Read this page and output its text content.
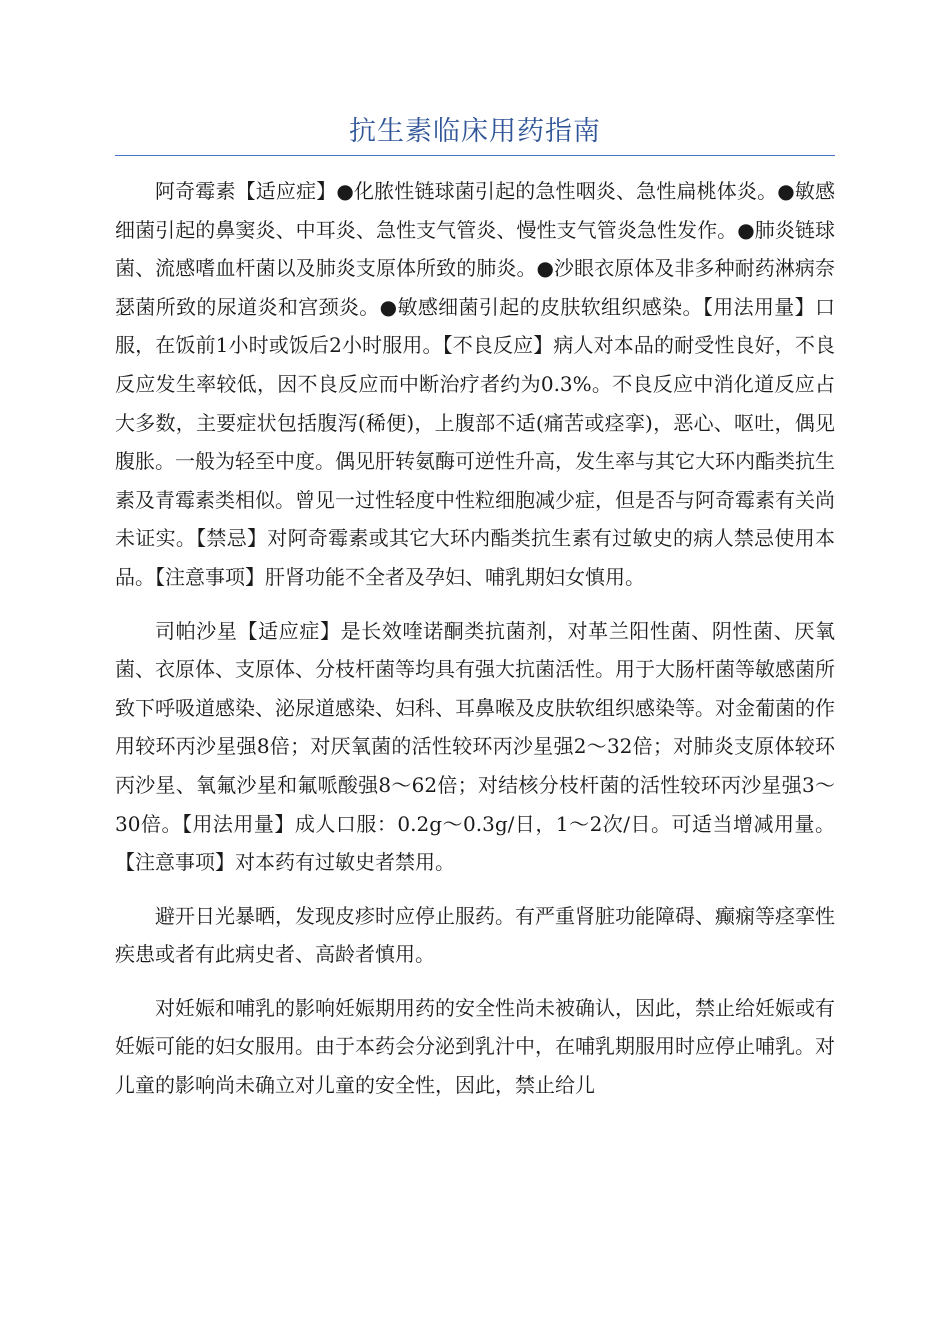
抗生素临床用药指南

阿奇霉素【适应症】●化脓性链球菌引起的急性咽炎、急性扁桃体炎。●敏感细菌引起的鼻窦炎、中耳炎、急性支气管炎、慢性支气管炎急性发作。●肺炎链球菌、流感嗜血杆菌以及肺炎支原体所致的肺炎。●沙眼衣原体及非多种耐药淋病奈瑟菌所致的尿道炎和宫颈炎。●敏感细菌引起的皮肤软组织感染。【用法用量】口服，在饭前1小时或饭后2小时服用。【不良反应】病人对本品的耐受性良好，不良反应发生率较低，因不良反应而中断治疗者约为0.3%。不良反应中消化道反应占大多数，主要症状包括腹泻(稀便)，上腹部不适(痛苦或痉挛)，恶心、呕吐，偶见腹胀。一般为轻至中度。偶见肝转氨酶可逆性升高，发生率与其它大环内酯类抗生素及青霉素类相似。曾见一过性轻度中性粒细胞减少症，但是否与阿奇霉素有关尚未证实。【禁忌】对阿奇霉素或其它大环内酯类抗生素有过敏史的病人禁忌使用本品。【注意事项】肝肾功能不全者及孕妇、哺乳期妇女慎用。

司帕沙星【适应症】是长效喹诺酮类抗菌剂，对革兰阳性菌、阴性菌、厌氧菌、衣原体、支原体、分枝杆菌等均具有强大抗菌活性。用于大肠杆菌等敏感菌所致下呼吸道感染、泌尿道感染、妇科、耳鼻喉及皮肤软组织感染等。对金葡菌的作用较环丙沙星强8倍；对厌氧菌的活性较环丙沙星强2～32倍；对肺炎支原体较环丙沙星、氧氟沙星和氟哌酸强8～62倍；对结核分枝杆菌的活性较环丙沙星强3～30倍。【用法用量】成人口服：0.2g～0.3g/日，1～2次/日。可适当增减用量。【注意事项】对本药有过敏史者禁用。

避开日光暴晒，发现皮疹时应停止服药。有严重肾脏功能障碍、癫痫等痉挛性疾患或者有此病史者、高龄者慎用。

对妊娠和哺乳的影响妊娠期用药的安全性尚未被确认，因此，禁止给妊娠或有妊娠可能的妇女服用。由于本药会分泌到乳汁中，在哺乳期服用时应停止哺乳。对儿童的影响尚未确立对儿童的安全性，因此，禁止给儿
